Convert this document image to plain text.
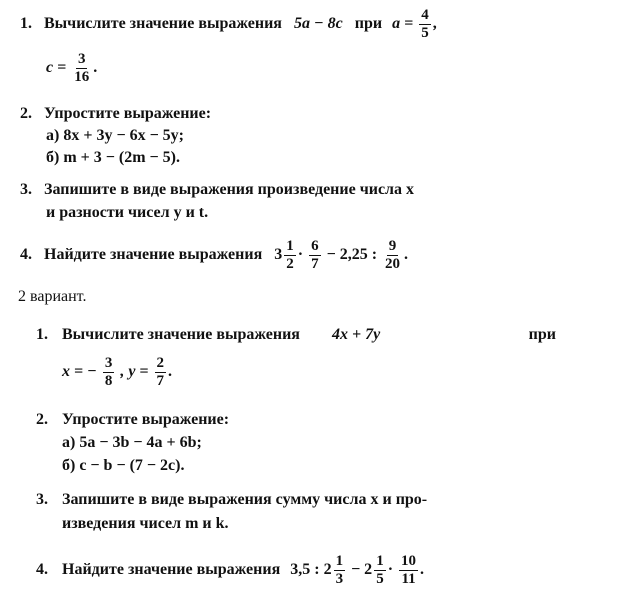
1. Вычислите значение выражения 5a − 8c при $a = \frac{4}{5}$ ,
$c = \frac{3}{16}$ .
2. Упростите выражение:
а) 8x + 3y − 6x − 5y;
б) m + 3 − (2m − 5).
3. Запишите в виде выражения произведение числа x
и разности чисел y и t.
4. Найдите значение выражения $3 \frac{1}{2} \cdot \frac{6}{7} - 2,25$ : $\frac{9}{20}$ .
2 вариант.
1. Вычислите значение выражения 4x + 7y	при
x = − $\frac{3}{8}$ , $y = \frac{2}{7}$ .
2. Упростите выражение:
а) 5a − 3b − 4a + 6b;
б) c − b − (7 − 2c).
3. Запишите в виде выражения сумму числа x и про-
изведения чисел m и k.
4. Найдите значение выражения 3,5 : $2 \frac{1}{3} - 2 \frac{1}{5} \cdot \frac{10}{11}$ .
